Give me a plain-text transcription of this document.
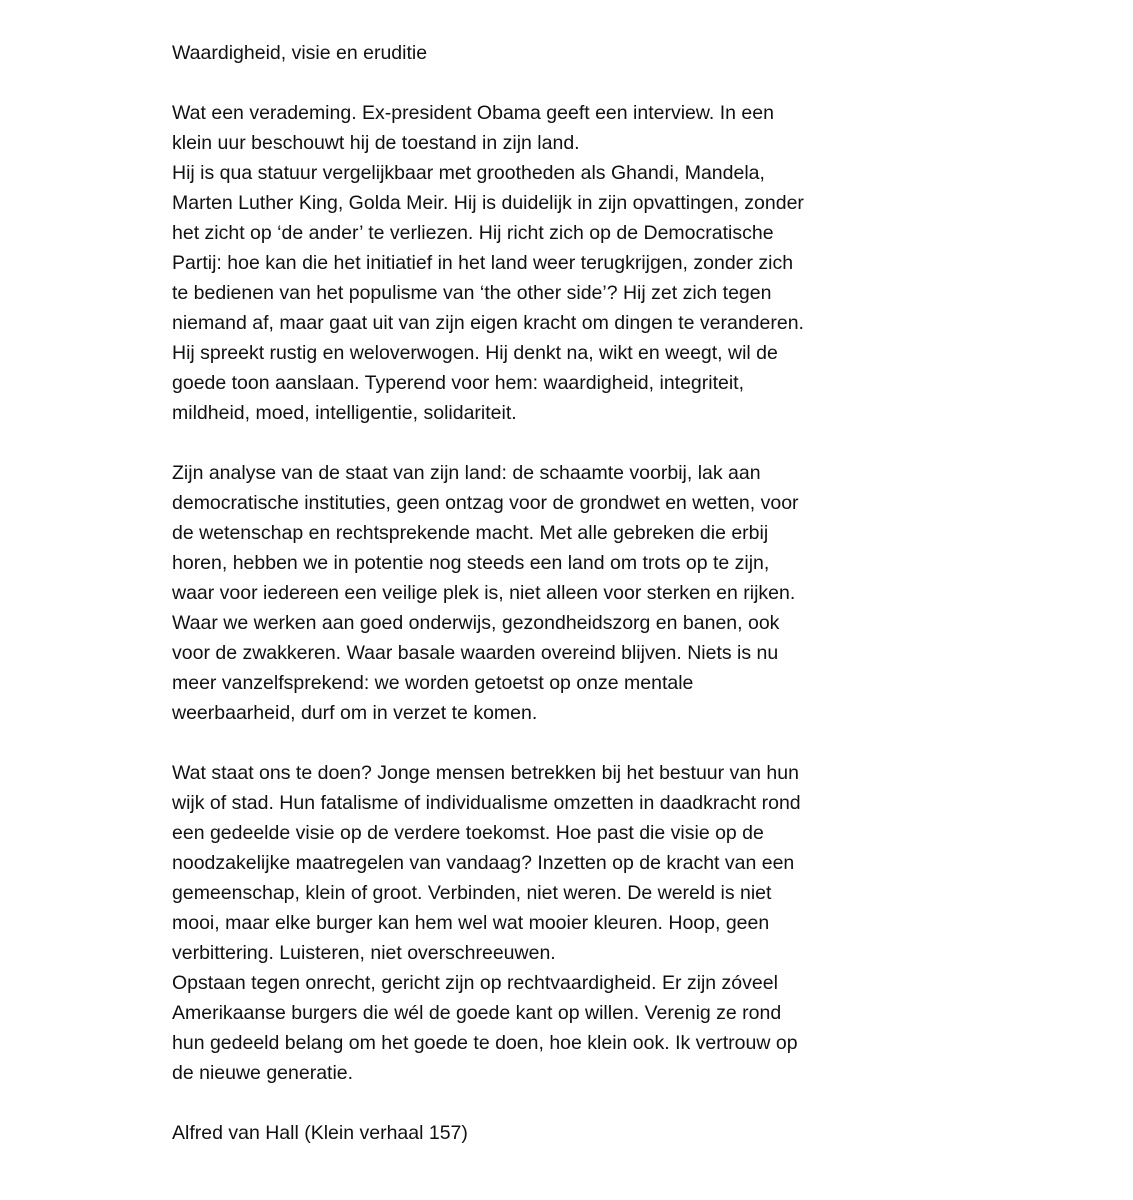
Waardigheid, visie en eruditie
Wat een verademing. Ex-president Obama geeft een interview. In een
klein uur beschouwt hij de toestand in zijn land.
Hij is qua statuur vergelijkbaar met grootheden als Ghandi, Mandela,
Marten Luther King, Golda Meir. Hij is duidelijk in zijn opvattingen, zonder
het zicht op ‘de ander’ te verliezen. Hij richt zich op de Democratische
Partij: hoe kan die het initiatief in het land weer terugkrijgen, zonder zich
te bedienen van het populisme van ‘the other side’? Hij zet zich tegen
niemand af, maar gaat uit van zijn eigen kracht om dingen te veranderen.
Hij spreekt rustig en weloverwogen. Hij denkt na, wikt en weegt, wil de
goede toon aanslaan. Typerend voor hem: waardigheid, integriteit,
mildheid, moed, intelligentie, solidariteit.
Zijn analyse van de staat van zijn land: de schaamte voorbij, lak aan
democratische instituties, geen ontzag voor de grondwet en wetten, voor
de wetenschap en rechtsprekende macht. Met alle gebreken die erbij
horen, hebben we in potentie nog steeds een land om trots op te zijn,
waar voor iedereen een veilige plek is, niet alleen voor sterken en rijken.
Waar we werken aan goed onderwijs, gezondheidszorg en banen, ook
voor de zwakkeren. Waar basale waarden overeind blijven. Niets is nu
meer vanzelfsprekend: we worden getoetst op onze mentale
weerbaarheid, durf om in verzet te komen.
Wat staat ons te doen? Jonge mensen betrekken bij het bestuur van hun
wijk of stad. Hun fatalisme of individualisme omzetten in daadkracht rond
een gedeelde visie op de verdere toekomst. Hoe past die visie op de
noodzakelijke maatregelen van vandaag? Inzetten op de kracht van een
gemeenschap, klein of groot. Verbinden, niet weren. De wereld is niet
mooi, maar elke burger kan hem wel wat mooier kleuren. Hoop, geen
verbittering. Luisteren, niet overschreeuwen.
Opstaan tegen onrecht, gericht zijn op rechtvaardigheid. Er zijn zóveel
Amerikaanse burgers die wél de goede kant op willen. Verenig ze rond
hun gedeeld belang om het goede te doen, hoe klein ook. Ik vertrouw op
de nieuwe generatie.
Alfred van Hall (Klein verhaal 157)
